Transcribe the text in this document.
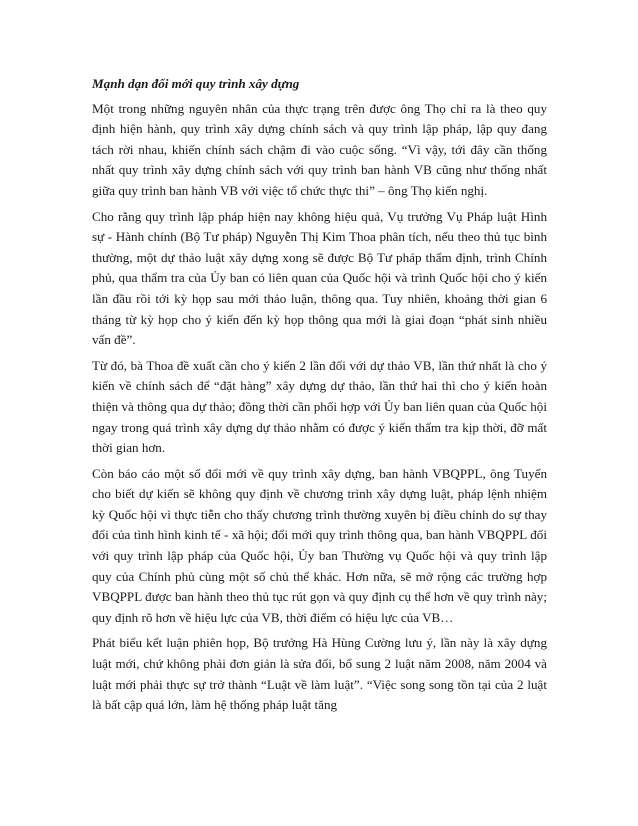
Mạnh dạn đổi mới quy trình xây dựng

Một trong những nguyên nhân của thực trạng trên được ông Thọ chỉ ra là theo quy định hiện hành, quy trình xây dựng chính sách và quy trình lập pháp, lập quy đang tách rời nhau, khiến chính sách chậm đi vào cuộc sống. “Vì vậy, tới đây cần thống nhất quy trình xây dựng chính sách với quy trình ban hành VB cũng như thống nhất giữa quy trình ban hành VB với việc tổ chức thực thi” – ông Thọ kiến nghị.

Cho rằng quy trình lập pháp hiện nay không hiệu quả, Vụ trưởng Vụ Pháp luật Hình sự - Hành chính (Bộ Tư pháp) Nguyễn Thị Kim Thoa phân tích, nếu theo thủ tục bình thường, một dự thảo luật xây dựng xong sẽ được Bộ Tư pháp thẩm định, trình Chính phủ, qua thẩm tra của Ủy ban có liên quan của Quốc hội và trình Quốc hội cho ý kiến lần đầu rồi tới kỳ họp sau mới thảo luận, thông qua. Tuy nhiên, khoảng thời gian 6 tháng từ kỳ họp cho ý kiến đến kỳ họp thông qua mới là giai đoạn “phát sinh nhiều vấn đề”.

Từ đó, bà Thoa đề xuất cần cho ý kiến 2 lần đối với dự thảo VB, lần thứ nhất là cho ý kiến về chính sách để “đặt hàng” xây dựng dự thảo, lần thứ hai thì cho ý kiến hoàn thiện và thông qua dự thảo; đồng thời cần phối hợp với Ủy ban liên quan của Quốc hội ngay trong quá trình xây dựng dự thảo nhằm có được ý kiến thẩm tra kịp thời, đỡ mất thời gian hơn.

Còn báo cáo một số đổi mới về quy trình xây dựng, ban hành VBQPPL, ông Tuyến cho biết dự kiến sẽ không quy định về chương trình xây dựng luật, pháp lệnh nhiệm kỳ Quốc hội vì thực tiễn cho thấy chương trình thường xuyên bị điều chỉnh do sự thay đổi của tình hình kinh tế - xã hội; đổi mới quy trình thông qua, ban hành VBQPPL đối với quy trình lập pháp của Quốc hội, Ủy ban Thường vụ Quốc hội và quy trình lập quy của Chính phủ cùng một số chủ thể khác. Hơn nữa, sẽ mở rộng các trường hợp VBQPPL được ban hành theo thủ tục rút gọn và quy định cụ thể hơn về quy trình này; quy định rõ hơn về hiệu lực của VB, thời điểm có hiệu lực của VB…

Phát biểu kết luận phiên họp, Bộ trưởng Hà Hùng Cường lưu ý, lần này là xây dựng luật mới, chứ không phải đơn giản là sửa đổi, bổ sung 2 luật năm 2008, năm 2004 và luật mới phải thực sự trở thành “Luật về làm luật”. “Việc song song tồn tại của 2 luật là bất cập quá lớn, làm hệ thống pháp luật tăng
